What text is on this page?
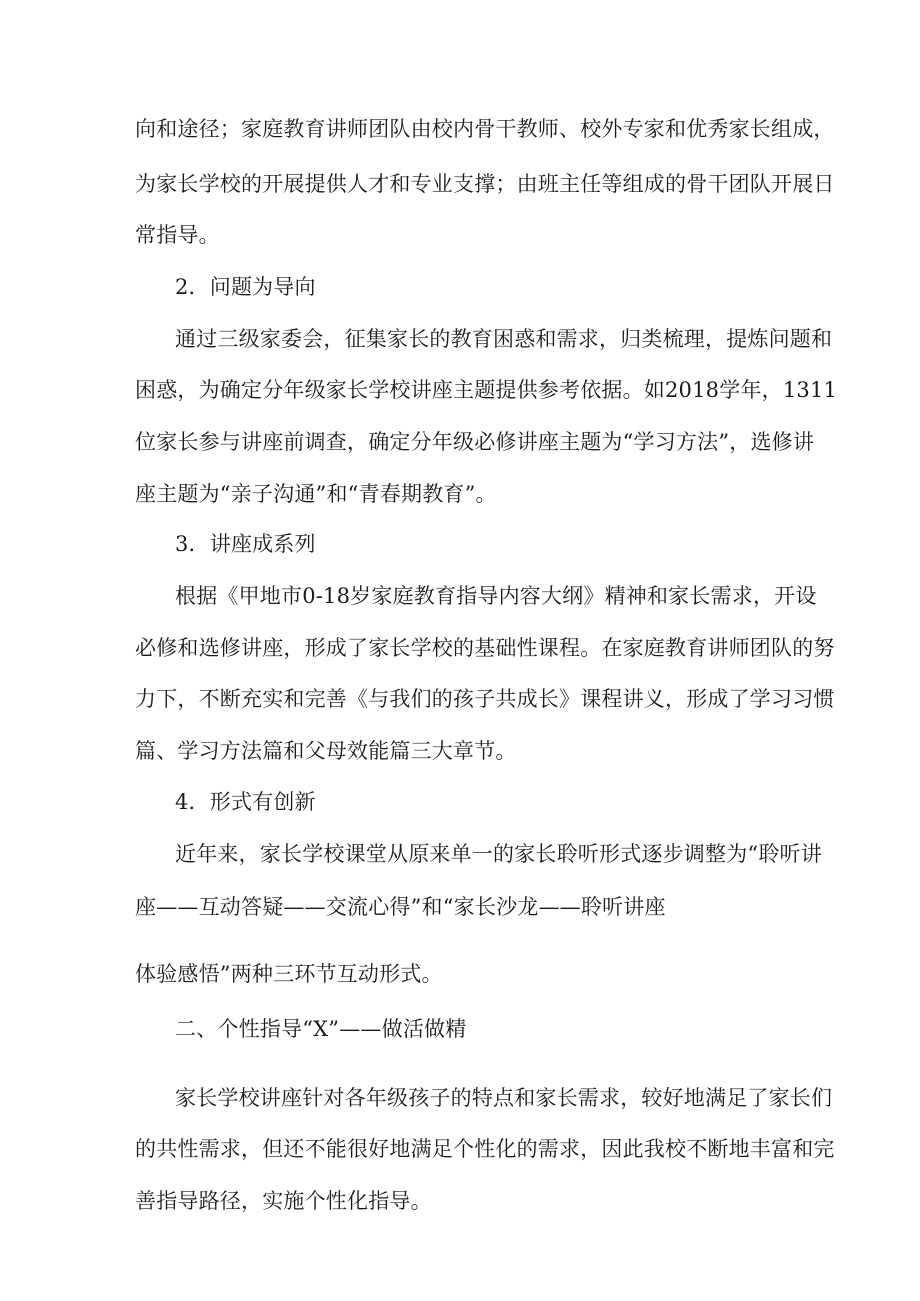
向和途径；家庭教育讲师团队由校内骨干教师、校外专家和优秀家长组成，
为家长学校的开展提供人才和专业支撑；由班主任等组成的骨干团队开展日
常指导。
2．问题为导向
通过三级家委会，征集家长的教育困惑和需求，归类梳理，提炼问题和
困惑，为确定分年级家长学校讲座主题提供参考依据。如2018学年，1311
位家长参与讲座前调查，确定分年级必修讲座主题为“学习方法”，选修讲
座主题为“亲子沟通”和“青春期教育”。
3．讲座成系列
根据《甲地市0-18岁家庭教育指导内容大纲》精神和家长需求，开设
必修和选修讲座，形成了家长学校的基础性课程。在家庭教育讲师团队的努
力下，不断充实和完善《与我们的孩子共成长》课程讲义，形成了学习习惯
篇、学习方法篇和父母效能篇三大章节。
4．形式有创新
近年来，家长学校课堂从原来单一的家长聆听形式逐步调整为“聆听讲
座——互动答疑——交流心得”和“家长沙龙——聆听讲座
体验感悟”两种三环节互动形式。
二、个性指导“X”——做活做精
家长学校讲座针对各年级孩子的特点和家长需求，较好地满足了家长们
的共性需求，但还不能很好地满足个性化的需求，因此我校不断地丰富和完
善指导路径，实施个性化指导。
